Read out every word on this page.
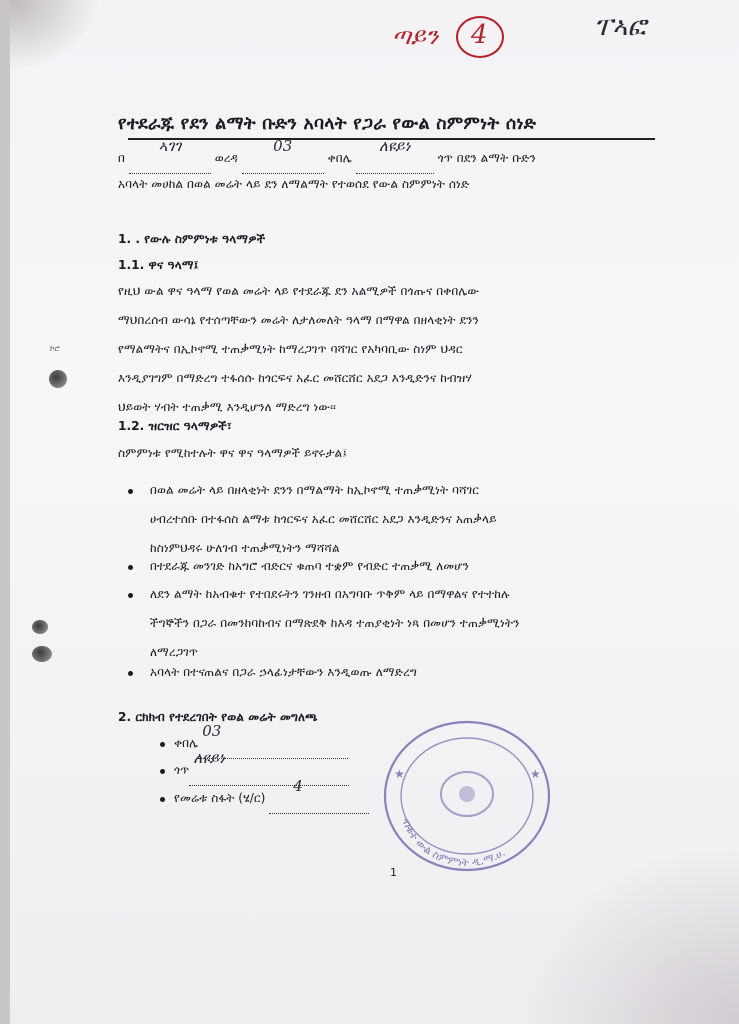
ኮሮ
ጣይን 4	ፐኣፎ
የተደራጁ የደን ልማት ቡድን አባላት የጋራ የውል ስምምነት ሰነድ
በ
ኣገገ
ወረዳ
03
ቀበሌ
ለዩይነ
ጎጥ በደን ልማት ቡድን
አባላት መሀከል በወል መሬት ላይ ደን ለማልማት የተወሰደ የውል ስምምነት ሰነድ
1. . የውሉ ስምምነቱ ዓላማዎች
1.1. ዋና ዓላማ፤
የዚህ ውል ዋና ዓላማ የወል መሬት ላይ የተደራጁ ደን አልሚዎች በጎጡና በቀበሌው
ማህበረሰብ ውሳኔ የተሰጣቸውን መሬት ለታለመለት ዓላማ በማዋል በዘላቂነት ደንን
የማልማትና በኢኮኖሚ ተጠቃሚነት ከማረጋገጥ ባሻገር የአካባቢው ስነም ህዳር
እንዲያገግም በማድረግ ተፋሰሱ ከጎርፍና አፈር መሸርሸር አደጋ እንዲድንና ከብዝሃ
ህይወት ሃብት ተጠቃሚ እንዲሆንለ ማድረግ ነው፡፡
1.2. ዝርዝር ዓላማዎች፣
ስምምነቱ የሚከተሉት ዋና ዋና ዓላማዎች ይኖሩታል፤
በወል መሬት ላይ በዘላቂነት ደንን በማልማት ከኢኮኖሚ ተጠቃሚነት ባሻገር
ሀብረተሰቡ በተፋሰስ ልማቱ ከጎርፍና አፈር መሸርሸር አደጋ እንዲድንና አጠቃላይ
ከስነምህዳሩ ሁለገብ ተጠቃሚነትን ማሻሻል
በተደራጁ መንገድ ከአግሮ ብድርና ቁጠባ ተቋም የብድር ተጠቃሚ ለመሆን
ለደን ልማት ከአብቁተ የተበደሩትን ገንዘብ በአግባቡ ጥቅም ላይ በማዋልና የተተከሉ
ችግኞችን በጋራ በመንከባከብና በማጽደቅ ከእዳ ተጠያቂነት ነጻ በመሆን ተጠቃሚነትን
ለማረጋገጥ
አባላት በተናጠልና በጋራ ኃላፊነታቸውን እንዲወጡ ለማድረግ
2. ርክክብ የተደረገበት የወል መሬት መግለጫ
ቀበሌ
03

ጎጥ
ለዩይነ

የመሬቱ ስፋት (ሄ/ር)
4

ብቁተ ውል ስምምነት ዲ.ማ.ሀ.
★	★
1
